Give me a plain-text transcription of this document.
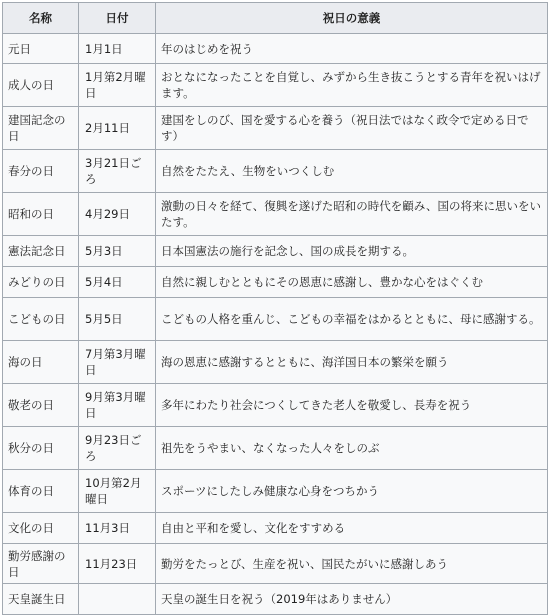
名称	日付	祝日の意義
元日	1月1日	年のはじめを祝う
成人の日	1月第2月曜日	おとなになったことを自覚し、みずから生き抜こうとする青年を祝いはげます。
建国記念の日	2月11日	建国をしのび、国を愛する心を養う（祝日法ではなく政令で定める日です）
春分の日	3月21日ごろ	自然をたたえ、生物をいつくしむ
昭和の日	4月29日	激動の日々を経て、復興を遂げた昭和の時代を顧み、国の将来に思いをいたす。
憲法記念日	5月3日	日本国憲法の施行を記念し、国の成長を期する。
みどりの日	5月4日	自然に親しむとともにその恩恵に感謝し、豊かな心をはぐくむ
こどもの日	5月5日	こどもの人格を重んじ、こどもの幸福をはかるとともに、母に感謝する。
海の日	7月第3月曜日	海の恩恵に感謝するとともに、海洋国日本の繁栄を願う
敬老の日	9月第3月曜日	多年にわたり社会につくしてきた老人を敬愛し、長寿を祝う
秋分の日	9月23日ごろ	祖先をうやまい、なくなった人々をしのぶ
体育の日	10月第2月曜日	スポーツにしたしみ健康な心身をつちかう
文化の日	11月3日	自由と平和を愛し、文化をすすめる
勤労感謝の日	11月23日	勤労をたっとび、生産を祝い、国民たがいに感謝しあう
天皇誕生日		天皇の誕生日を祝う（2019年はありません）
